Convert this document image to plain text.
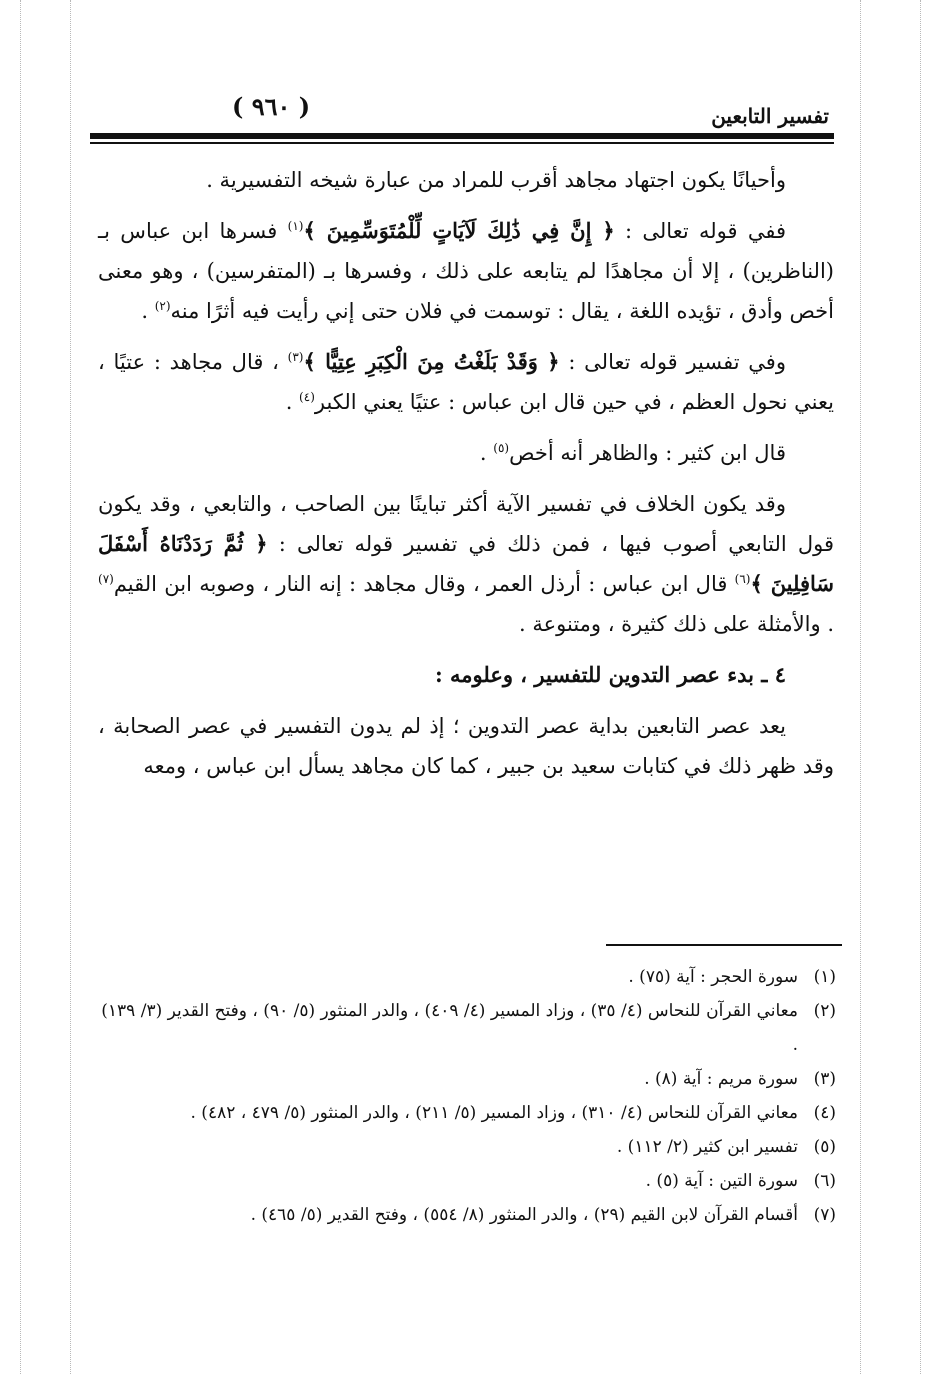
( ٩٦٠ )	تفسير التابعين

وأحيانًا يكون اجتهاد مجاهد أقرب للمراد من عبارة شيخه التفسيرية .

ففي قوله تعالى : ﴿ إِنَّ فِي ذَٰلِكَ لَآيَاتٍ لِّلْمُتَوَسِّمِينَ ﴾$^{(١)}$ فسرها ابن عباس بـ (الناظرين) ، إلا أن مجاهدًا لم يتابعه على ذلك ، وفسرها بـ (المتفرسين) ، وهو معنى أخص وأدق ، تؤيده اللغة ، يقال : توسمت في فلان حتى إني رأيت فيه أثرًا منه$^{(٢)}$ .

وفي تفسير قوله تعالى : ﴿ وَقَدْ بَلَغْتُ مِنَ الْكِبَرِ عِتِيًّا ﴾$^{(٣)}$ ، قال مجاهد : عتيًا ، يعني نحول العظم ، في حين قال ابن عباس : عتيًا يعني الكبر$^{(٤)}$ .

قال ابن كثير : والظاهر أنه أخص$^{(٥)}$ .

وقد يكون الخلاف في تفسير الآية أكثر تباينًا بين الصاحب ، والتابعي ، وقد يكون قول التابعي أصوب فيها ، فمن ذلك في تفسير قوله تعالى : ﴿ ثُمَّ رَدَدْنَاهُ أَسْفَلَ سَافِلِينَ ﴾$^{(٦)}$ قال ابن عباس : أرذل العمر ، وقال مجاهد : إنه النار ، وصوبه ابن القيم$^{(٧)}$ . والأمثلة على ذلك كثيرة ، ومتنوعة .

٤ ـ بدء عصر التدوين للتفسير ، وعلومه :

يعد عصر التابعين بداية عصر التدوين ؛ إذ لم يدون التفسير في عصر الصحابة ، وقد ظهر ذلك في كتابات سعيد بن جبير ، كما كان مجاهد يسأل ابن عباس ، ومعه

(١)
سورة الحجر : آية (٧٥) .

(٢)
معاني القرآن للنحاس (٤/ ٣٥) ، وزاد المسير (٤/ ٤٠٩) ، والدر المنثور (٥/ ٩٠) ، وفتح القدير (٣/ ١٣٩) .

(٣)
سورة مريم : آية (٨) .

(٤)
معاني القرآن للنحاس (٤/ ٣١٠) ، وزاد المسير (٥/ ٢١١) ، والدر المنثور (٥/ ٤٧٩ ، ٤٨٢) .

(٥)
تفسير ابن كثير (٢/ ١١٢) .

(٦)
سورة التين : آية (٥) .

(٧)
أقسام القرآن لابن القيم (٢٩) ، والدر المنثور (٨/ ٥٥٤) ، وفتح القدير (٥/ ٤٦٥) .
